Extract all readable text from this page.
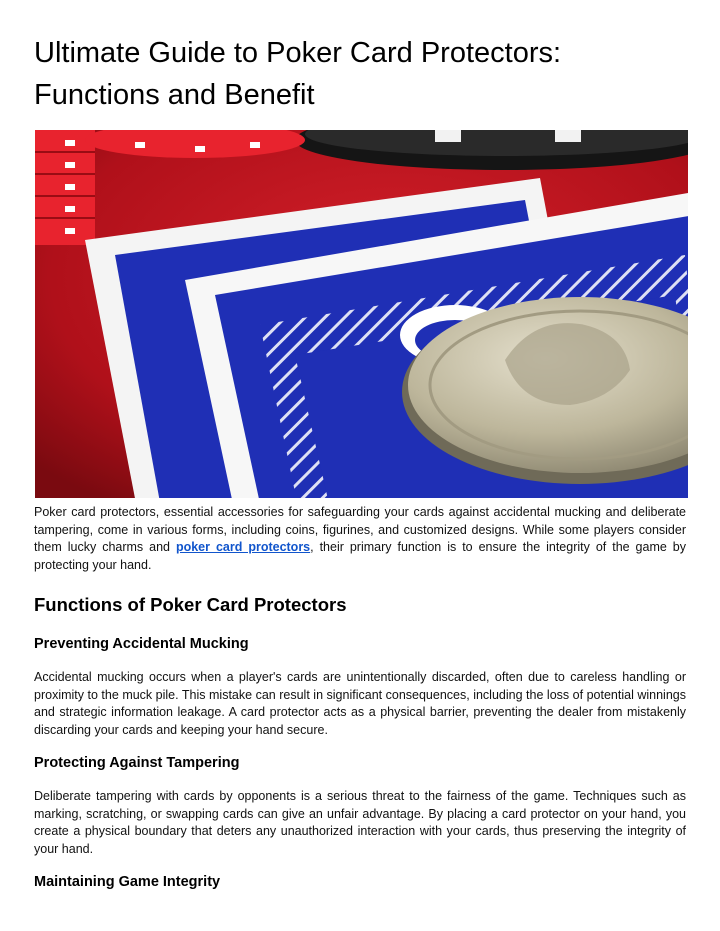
Ultimate Guide to Poker Card Protectors: Functions and Benefit

Poker card protectors, essential accessories for safeguarding your cards against accidental mucking and deliberate tampering, come in various forms, including coins, figurines, and customized designs. While some players consider them lucky charms and poker card protectors, their primary function is to ensure the integrity of the game by protecting your hand.

Functions of Poker Card Protectors
Preventing Accidental Mucking

Accidental mucking occurs when a player's cards are unintentionally discarded, often due to careless handling or proximity to the muck pile. This mistake can result in significant consequences, including the loss of potential winnings and strategic information leakage. A card protector acts as a physical barrier, preventing the dealer from mistakenly discarding your cards and keeping your hand secure.

Protecting Against Tampering

Deliberate tampering with cards by opponents is a serious threat to the fairness of the game. Techniques such as marking, scratching, or swapping cards can give an unfair advantage. By placing a card protector on your hand, you create a physical boundary that deters any unauthorized interaction with your cards, thus preserving the integrity of your hand.

Maintaining Game Integrity
